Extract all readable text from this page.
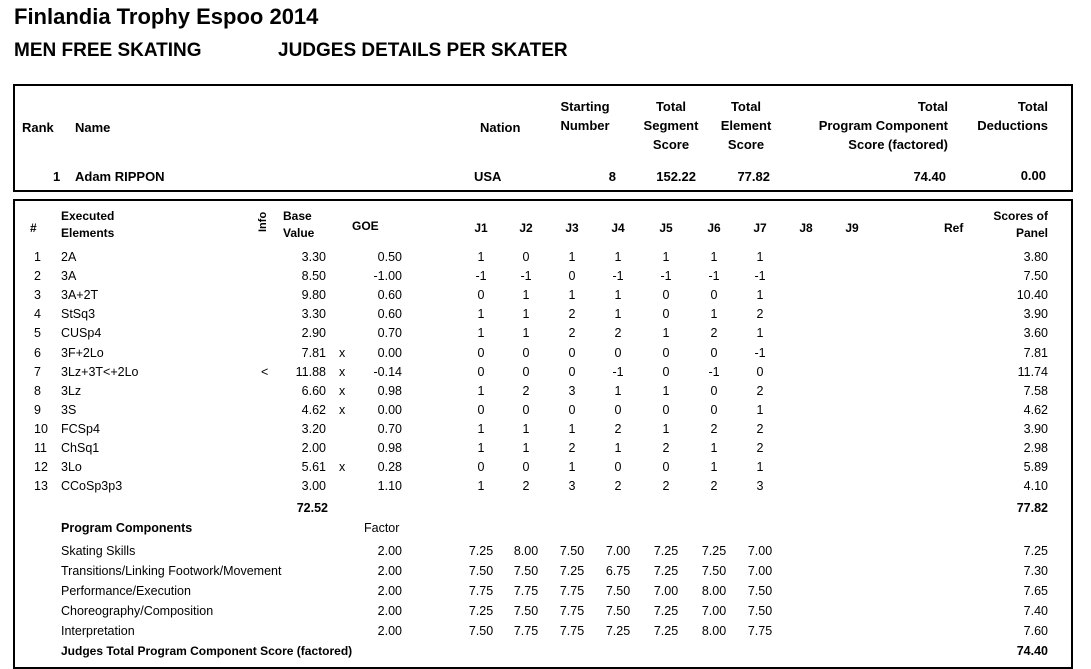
Finlandia Trophy Espoo 2014
MEN FREE SKATING	JUDGES DETAILS PER SKATER
Rank Name	Nation
Starting
Number
Total
Segment
Score
Total
Element
Score
Total
Program Component
Score (factored)
Total
Deductions
1 Adam RIPPON	USA	8	152.22	77.82	74.40	0.00
#
Executed
Elements
Info Base
Value	GOE	J1	J2	J3	J4	J5	J6	J7	J8	J9	Ref
Scores of
Panel
1 2A	3.30	0.50	1	0	1	1	1	1	1	3.80
2 3A	8.50	-1.00	-1	-1	0	-1	-1	-1	-1	7.50
3 3A+2T	9.80	0.60	0	1	1	1	0	0	1	10.40
4 StSq3	3.30	0.60	1	1	2	1	0	1	2	3.90
5 CUSp4	2.90	0.70	1	1	2	2	1	2	1	3.60
6 3F+2Lo	7.81 x	0.00	0	0	0	0	0	0	-1	7.81
7 3Lz+3T<+2Lo	<	11.88 x	-0.14	0	0	0	-1	0	-1	0	11.74
8 3Lz	6.60 x	0.98	1	2	3	1	1	0	2	7.58
9 3S	4.62 x	0.00	0	0	0	0	0	0	1	4.62
10 FCSp4	3.20	0.70	1	1	1	2	1	2	2	3.90
11 ChSq1	2.00	0.98	1	1	2	1	2	1	2	2.98
12 3Lo	5.61 x	0.28	0	0	1	0	0	1	1	5.89
13 CCoSp3p3	3.00	1.10	1	2	3	2	2	2	3	4.10
72.52	77.82
Program Components	Factor
Skating Skills	2.00	7.25	8.00	7.50	7.00	7.25	7.25	7.00	7.25
Transitions/Linking Footwork/Movement	2.00	7.50	7.50	7.25	6.75	7.25	7.50	7.00	7.30
Performance/Execution	2.00	7.75	7.75	7.75	7.50	7.00	8.00	7.50	7.65
Choreography/Composition	2.00	7.25	7.50	7.75	7.50	7.25	7.00	7.50	7.40
Interpretation	2.00	7.50	7.75	7.75	7.25	7.25	8.00	7.75	7.60
Judges Total Program Component Score (factored)	74.40
